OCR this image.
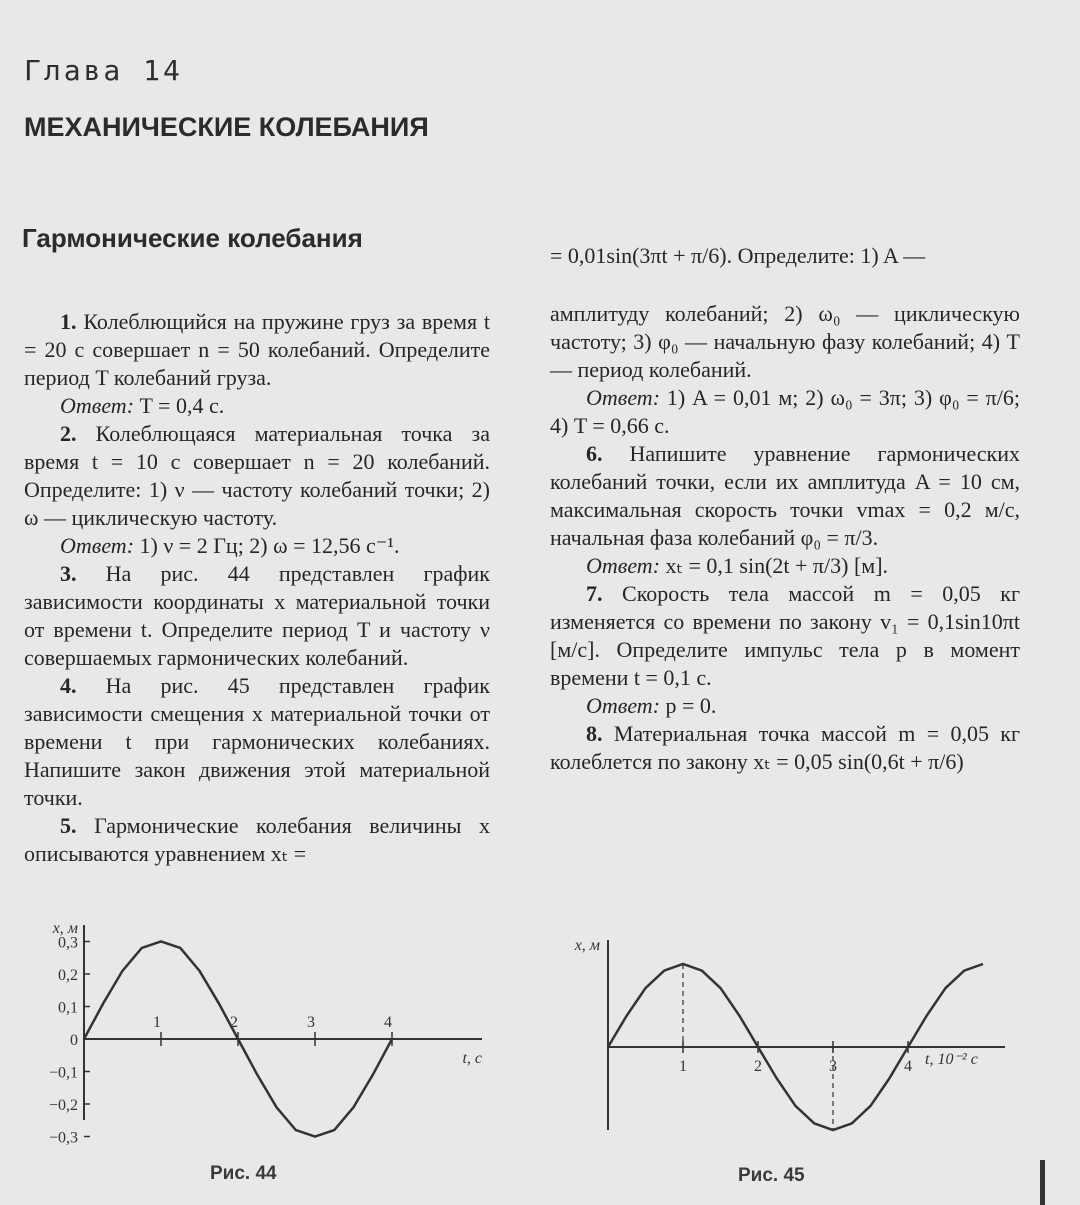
Глава 14
МЕХАНИЧЕСКИЕ КОЛЕБАНИЯ
Гармонические колебания

1. Колеблющийся на пружине груз за время t = 20 с совершает n = 50 колебаний. Определите период T колебаний груза.

Ответ: T = 0,4 с.

2. Колеблющаяся материальная точка за время t = 10 с совершает n = 20 колебаний. Определите: 1) ν — частоту колебаний точки; 2) ω — циклическую частоту.

Ответ: 1) ν = 2 Гц; 2) ω = 12,56 с⁻¹.

3. На рис. 44 представлен график зависимости координаты x материальной точки от времени t. Определите период T и частоту ν совершаемых гармонических колебаний.

4. На рис. 45 представлен график зависимости смещения x материальной точки от времени t при гармонических колебаниях. Напишите закон движения этой материальной точки.

5. Гармонические колебания величины x описываются уравнением xₜ =

= 0,01sin(3πt + π/6). Определите: 1) A —

амплитуду колебаний; 2) ω₀ — циклическую частоту; 3) φ₀ — начальную фазу колебаний; 4) T — период колебаний.

Ответ: 1) A = 0,01 м; 2) ω₀ = 3π; 3) φ₀ = π/6; 4) T = 0,66 с.

6. Напишите уравнение гармонических колебаний точки, если их амплитуда A = 10 см, максимальная скорость точки vmax = 0,2 м/с, начальная фаза колебаний φ₀ = π/3.

Ответ: xₜ = 0,1 sin(2t + π/3) [м].

7. Скорость тела массой m = 0,05 кг изменяется со времени по закону v₁ = 0,1sin10πt [м/с]. Определите импульс тела p в момент времени t = 0,1 с.

Ответ: p = 0.

8. Материальная точка массой m = 0,05 кг колеблется по закону xₜ = 0,05 sin(0,6t + π/6)

x, м
t, с
0,3
0,2
0,1
0
−0,1
−0,2
−0,3
1	2	3	4
Рис. 44
x, м
t, 10⁻² с
1	2	3	4
Рис. 45
